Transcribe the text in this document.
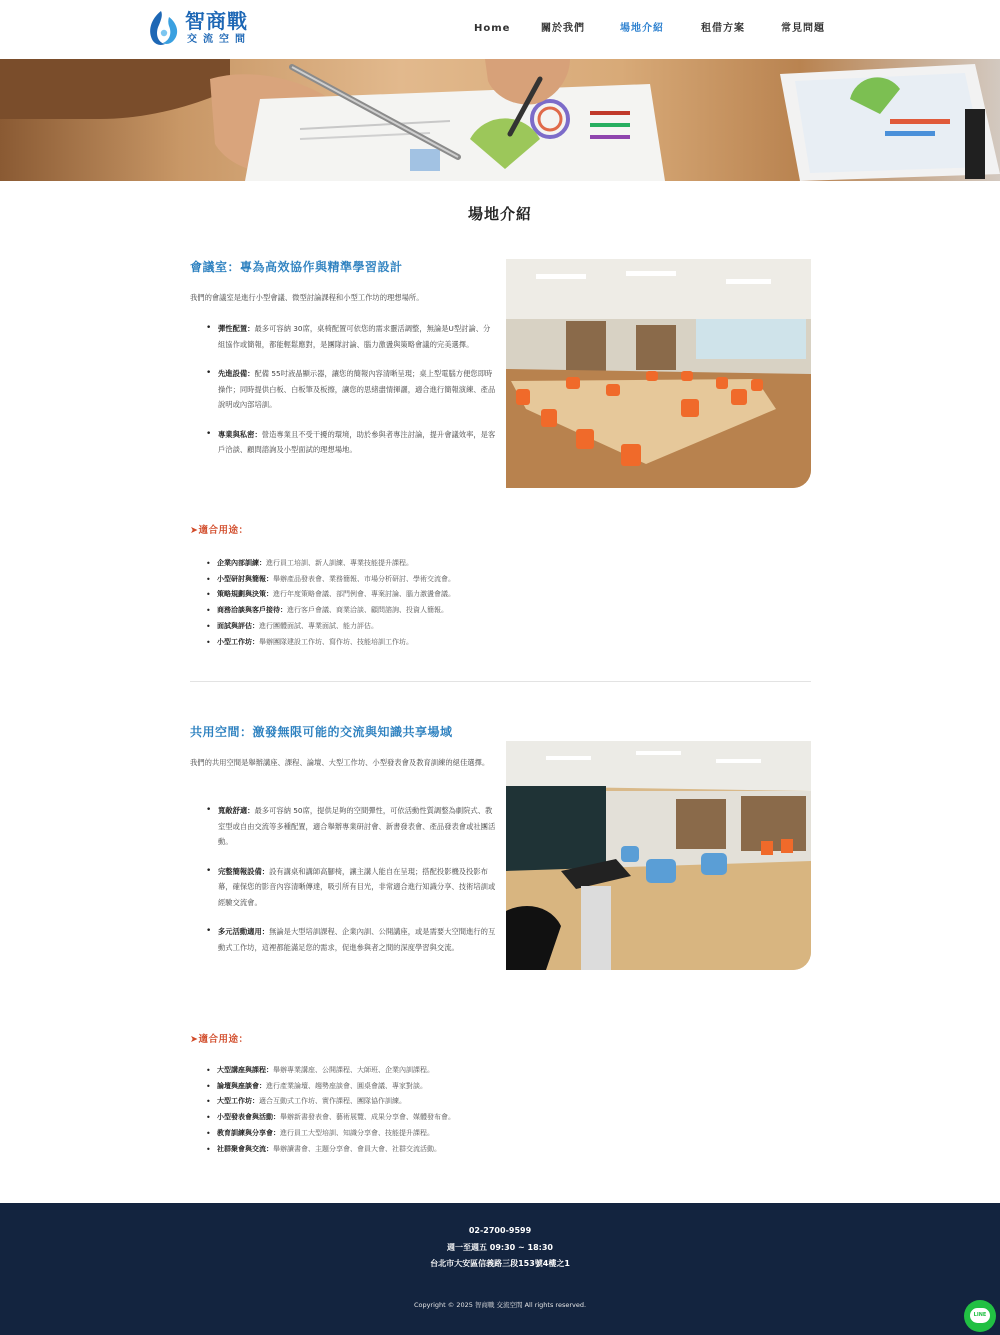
智商戰
交流空間
Home	關於我們	場地介紹	租借方案	常見問題
場地介紹
會議室：專為高效協作與精準學習設計

我們的會議室是進行小型會議、微型討論課程和小型工作坊的理想場所。

• 彈性配置：最多可容納 30席，桌椅配置可依您的需求靈活調整，無論是U型討論、分組協作或簡報，都能輕鬆應對，是團隊討論、腦力激盪與策略會議的完美選擇。
• 先進設備：配備 55吋液晶顯示器，讓您的簡報內容清晰呈現；桌上型電腦方便您即時操作；同時提供白板、白板筆及板擦，讓您的思緒盡情揮灑，適合進行簡報演練、產品說明或內部培訓。
• 專業與私密：營造專業且不受干擾的環境，助於參與者專注討論，提升會議效率，是客戶洽談、顧問諮詢及小型面試的理想場地。
➤適合用途：
• 企業內部訓練：進行員工培訓、新人訓練、專業技能提升課程。
• 小型研討與簡報：舉辦產品發表會、業務簡報、市場分析研討、學術交流會。
• 策略規劃與決策：進行年度策略會議、部門例會、專案討論、腦力激盪會議。
• 商務洽談與客戶接待：進行客戶會議、商業洽談、顧問諮詢、投資人簡報。
• 面試與評估：進行團體面試、專業面試、能力評估。
• 小型工作坊：舉辦團隊建設工作坊、寫作坊、技能培訓工作坊。
共用空間：激發無限可能的交流與知識共享場域

我們的共用空間是舉辦講座、課程、論壇、大型工作坊、小型發表會及教育訓練的絕佳選擇。

• 寬敞舒適：最多可容納 50席，提供足夠的空間彈性，可依活動性質調整為劇院式、教室型或自由交流等多種配置，適合舉辦專業研討會、新書發表會、產品發表會或社團活動。
• 完整簡報設備：設有講桌和講師高腳椅，讓主講人能自在呈現；搭配投影機及投影布幕，確保您的影音內容清晰傳達，吸引所有目光，非常適合進行知識分享、技術培訓或經驗交流會。
• 多元活動適用：無論是大型培訓課程、企業內訓、公開講座，或是需要大空間進行的互動式工作坊，這裡都能滿足您的需求，促進參與者之間的深度學習與交流。
➤適合用途：
• 大型講座與課程：舉辦專業講座、公開課程、大師班、企業內訓課程。
• 論壇與座談會：進行產業論壇、趨勢座談會、圓桌會議、專家對談。
• 大型工作坊：適合互動式工作坊、實作課程、團隊協作訓練。
• 小型發表會與活動：舉辦新書發表會、藝術展覽、成果分享會、媒體發布會。
• 教育訓練與分享會：進行員工大型培訓、知識分享會、技能提升課程。
• 社群聚會與交流：舉辦讀書會、主題分享會、會員大會、社群交流活動。
02-2700-9599
週一至週五 09:30 ~ 18:30
台北市大安區信義路三段153號4樓之1
Copyright © 2025 智商戰 交流空間 All rights reserved.
LINE
